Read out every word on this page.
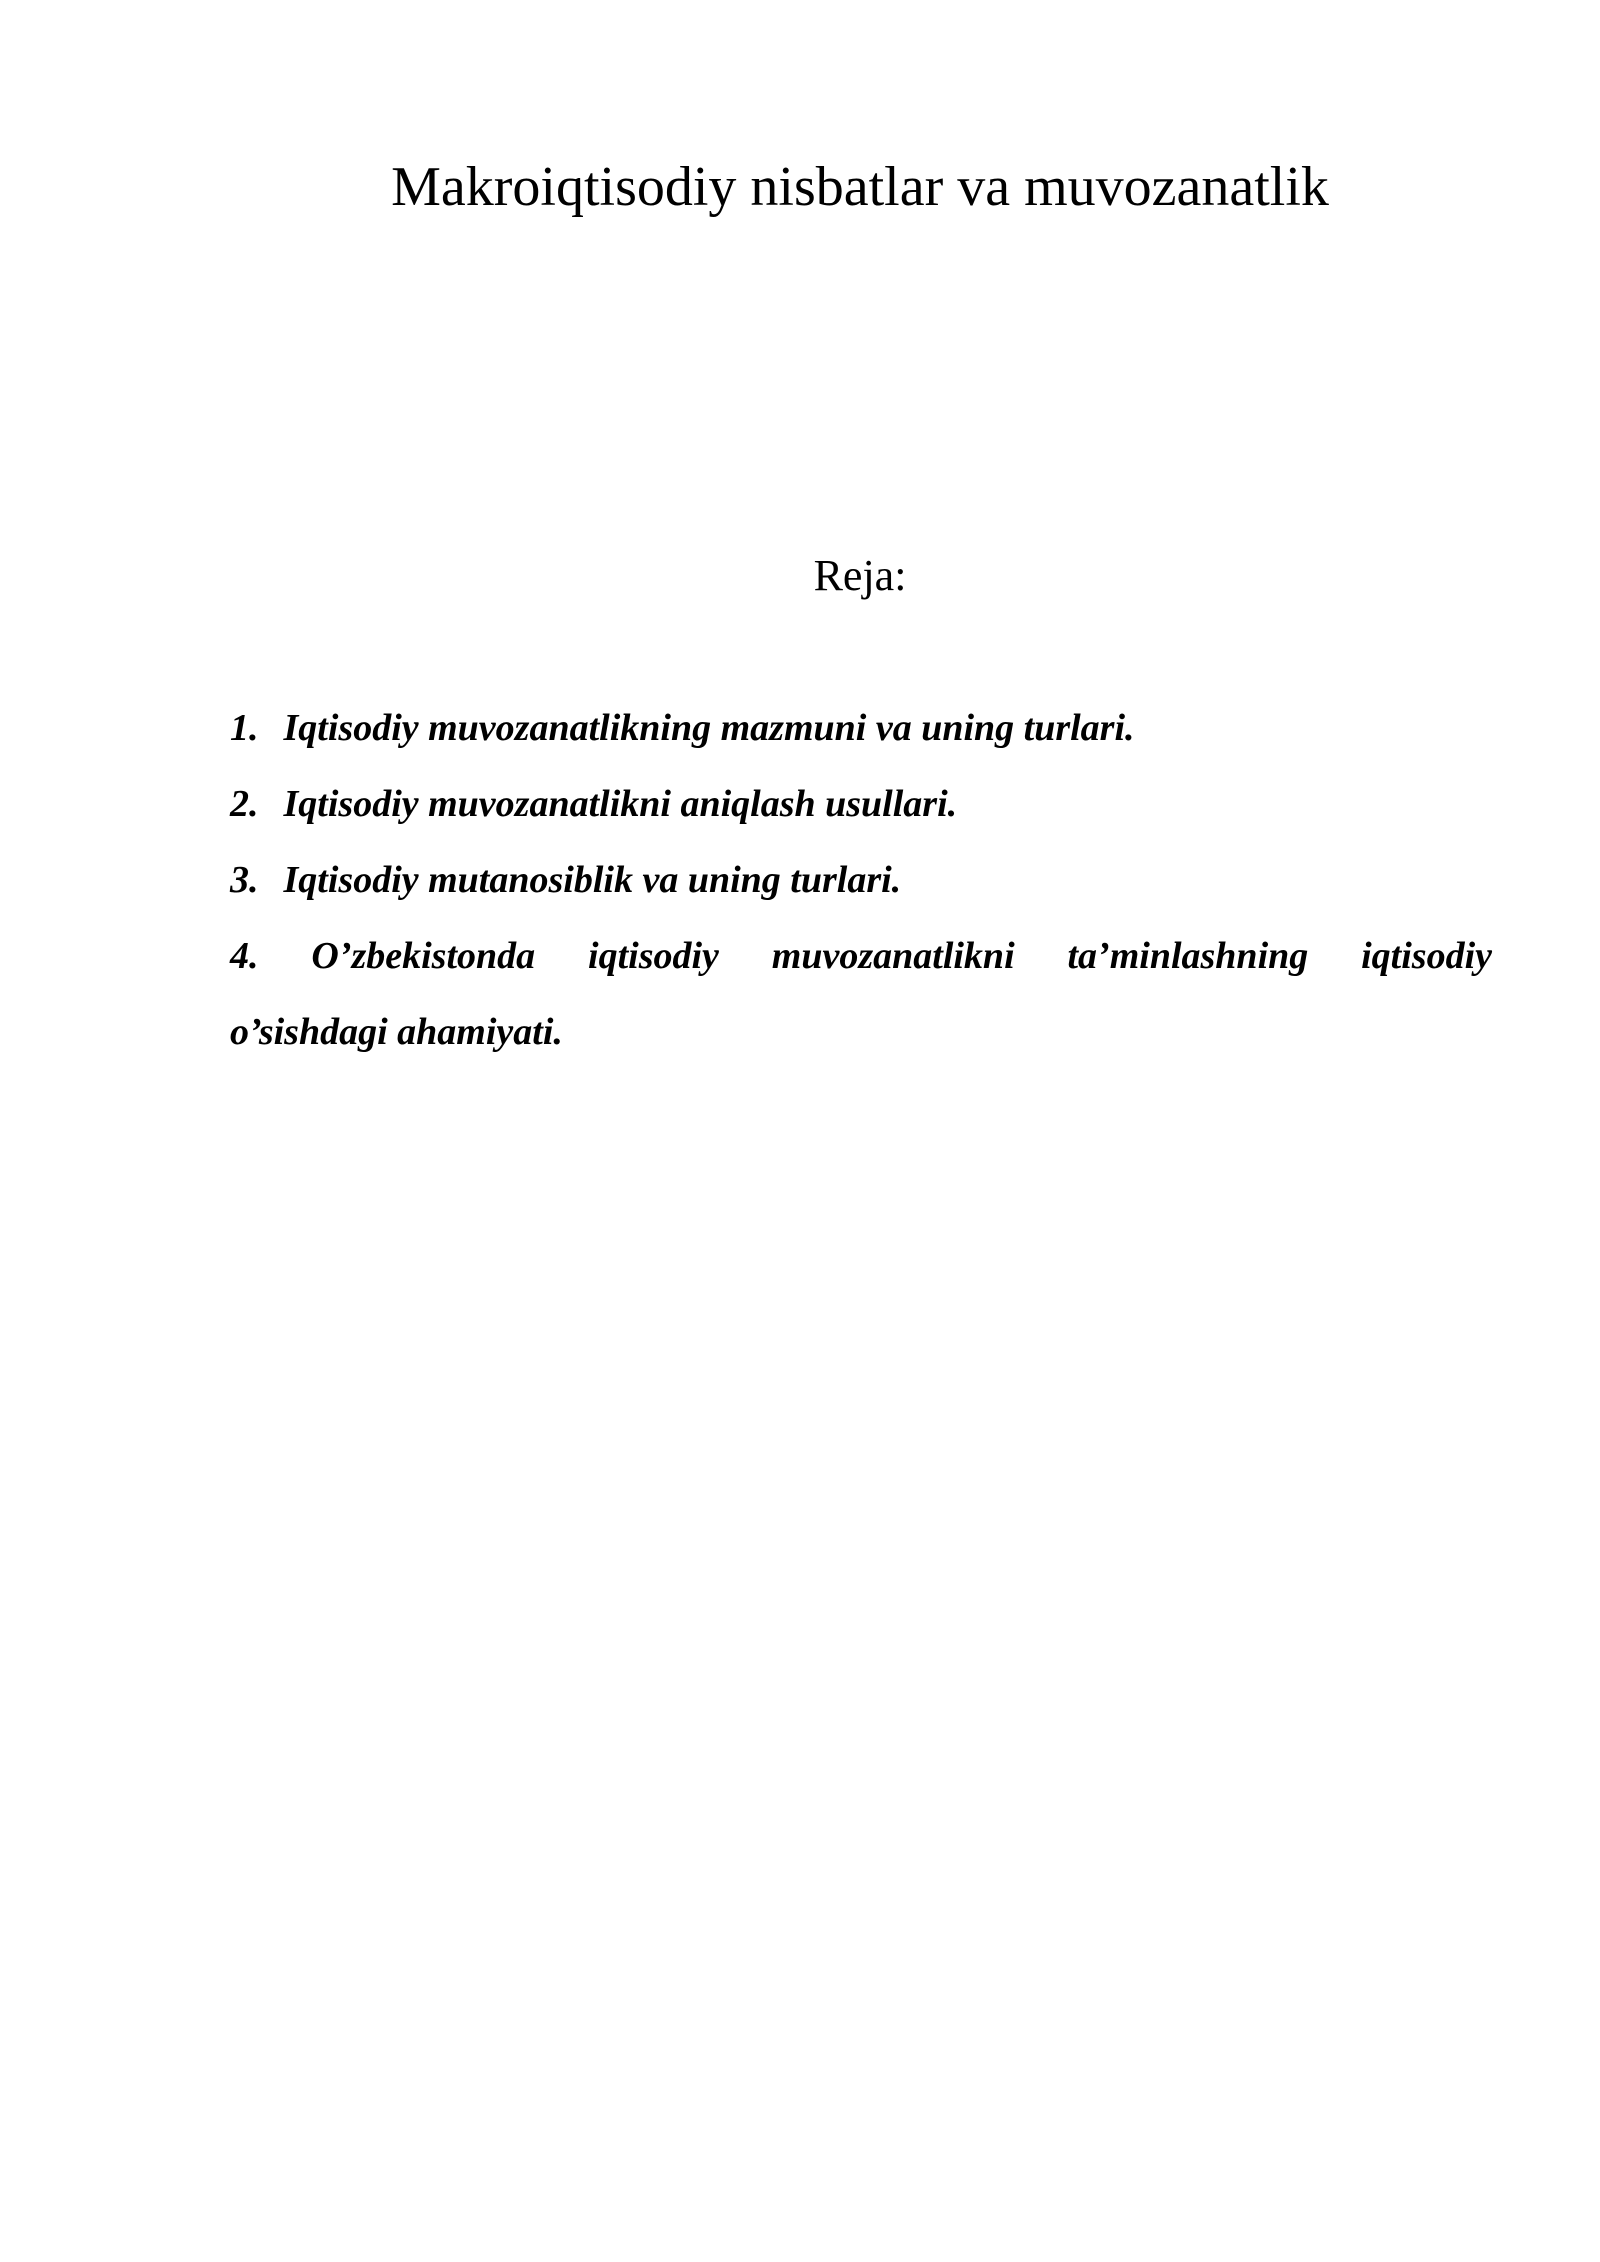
Makroiqtisodiy nisbatlar va muvozanatlik

Reja:

1. Iqtisodiy muvozanatlikning mazmuni va uning turlari.
2. Iqtisodiy muvozanatlikni aniqlash usullari.
3. Iqtisodiy mutanosiblik va uning turlari.
4. O’zbekistonda iqtisodiy muvozanatlikni ta’minlashning iqtisodiy
o’sishdagi ahamiyati.
